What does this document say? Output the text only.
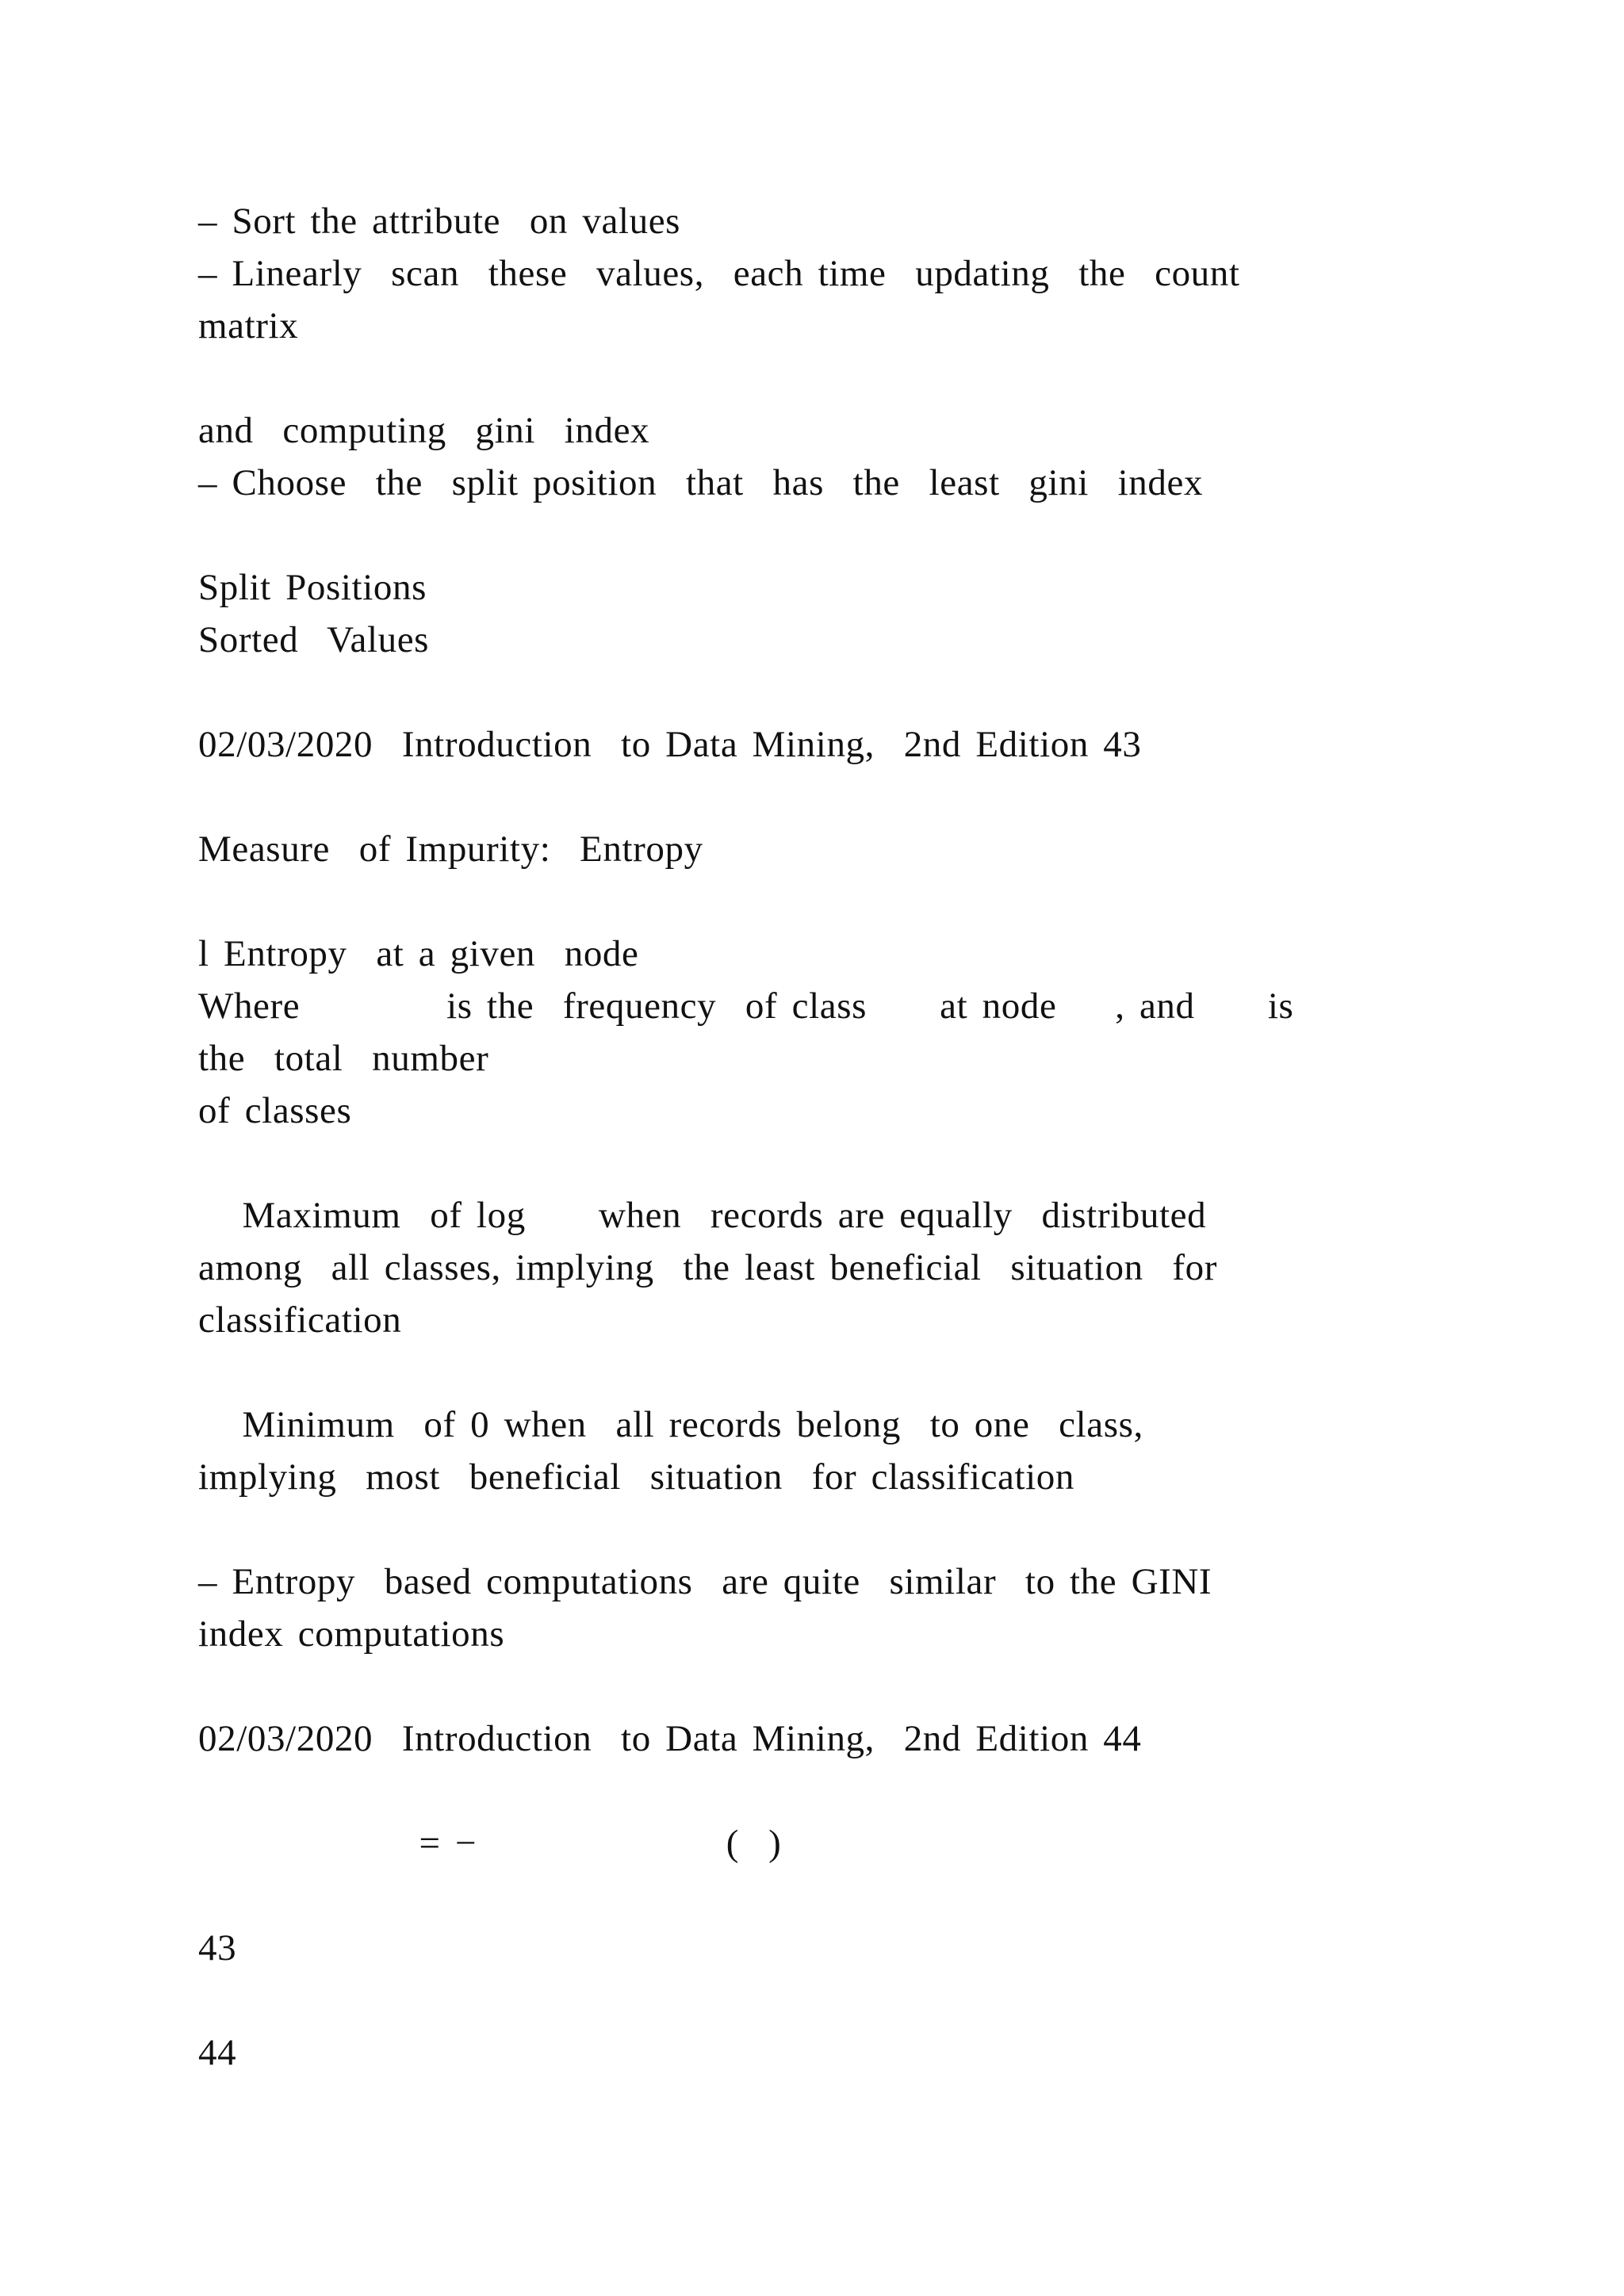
– Sort the attribute  on values

– Linearly  scan  these  values,  each time  updating  the  count

matrix

and  computing  gini  index

– Choose  the  split position  that  has  the  least  gini  index

Split Positions

Sorted  Values

02/03/2020  Introduction  to Data Mining,  2nd Edition 43

Measure  of Impurity:  Entropy

l Entropy  at a given  node

Where       is the  frequency  of class    at node   , and    is

the  total  number

of classes

Maximum  of log    when  records are equally  distributed

among  all classes, implying  the least beneficial  situation  for

classification

Minimum  of 0 when  all records belong  to one  class,

implying  most  beneficial  situation  for classification

– Entropy  based computations  are quite  similar  to the GINI

index computations

02/03/2020  Introduction  to Data Mining,  2nd Edition 44

= −           ( )

43

44
